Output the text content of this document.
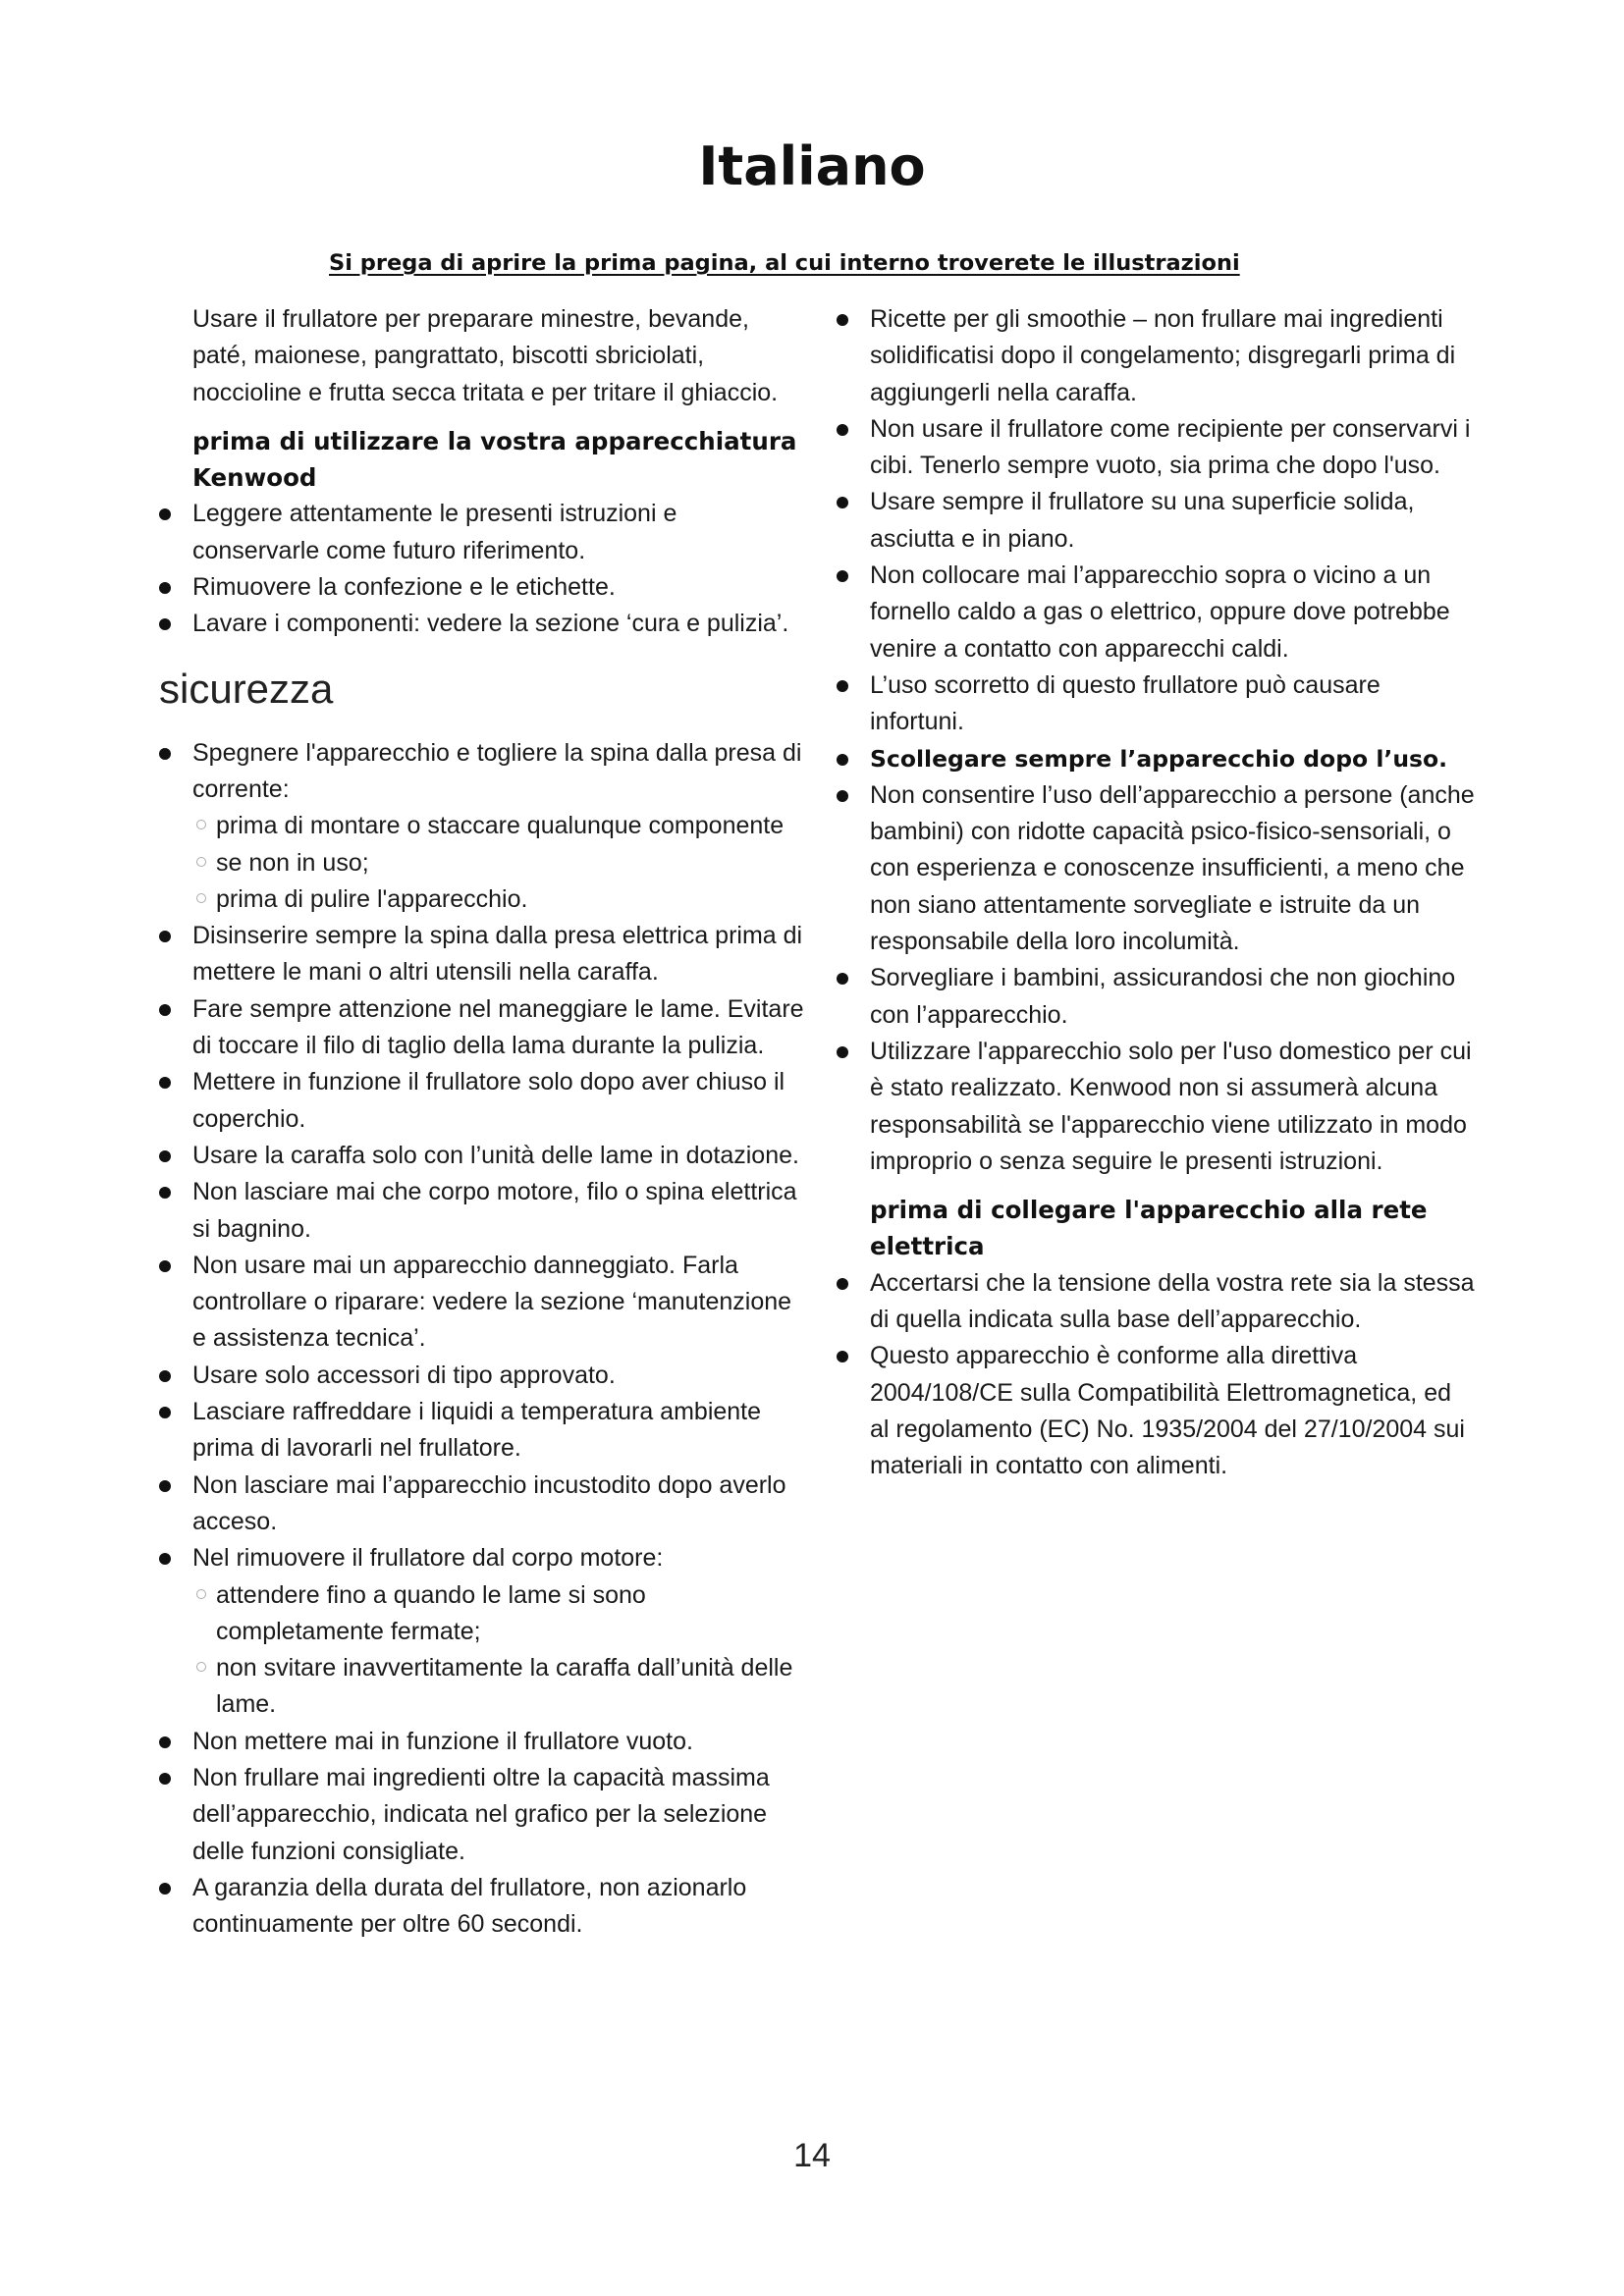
Italiano

Si prega di aprire la prima pagina, al cui interno troverete le illustrazioni

Usare il frullatore per preparare minestre, bevande, paté, maionese, pangrattato, biscotti sbriciolati, noccioline e frutta secca tritata e per tritare il ghiaccio.

prima di utilizzare la vostra apparecchiatura Kenwood
Leggere attentamente le presenti istruzioni e conservarle come futuro riferimento.
Rimuovere la confezione e le etichette.
Lavare i componenti: vedere la sezione ‘cura e pulizia’.
sicurezza
Spegnere l'apparecchio e togliere la spina dalla presa di corrente:
prima di montare o staccare qualunque componente
se non in uso;
prima di pulire l'apparecchio.
Disinserire sempre la spina dalla presa elettrica prima di mettere le mani o altri utensili nella caraffa.
Fare sempre attenzione nel maneggiare le lame. Evitare di toccare il filo di taglio della lama durante la pulizia.
Mettere in funzione il frullatore solo dopo aver chiuso il coperchio.
Usare la caraffa solo con l’unità delle lame in dotazione.
Non lasciare mai che corpo motore, filo o spina elettrica si bagnino.
Non usare mai un apparecchio danneggiato. Farla controllare o riparare: vedere la sezione ‘manutenzione e assistenza tecnica’.
Usare solo accessori di tipo approvato.
Lasciare raffreddare i liquidi a temperatura ambiente prima di lavorarli nel frullatore.
Non lasciare mai l’apparecchio incustodito dopo averlo acceso.
Nel rimuovere il frullatore dal corpo motore:
attendere fino a quando le lame si sono completamente fermate;
non svitare inavvertitamente la caraffa dall’unità delle lame.
Non mettere mai in funzione il frullatore vuoto.
Non frullare mai ingredienti oltre la capacità massima dell’apparecchio, indicata nel grafico per la selezione delle funzioni consigliate.
A garanzia della durata del frullatore, non azionarlo continuamente per oltre 60 secondi.
Ricette per gli smoothie – non frullare mai ingredienti solidificatisi dopo il congelamento; disgregarli prima di aggiungerli nella caraffa.
Non usare il frullatore come recipiente per conservarvi i cibi. Tenerlo sempre vuoto, sia prima che dopo l'uso.
Usare sempre il frullatore su una superficie solida, asciutta e in piano.
Non collocare mai l’apparecchio sopra o vicino a un fornello caldo a gas o elettrico, oppure dove potrebbe venire a contatto con apparecchi caldi.
L’uso scorretto di questo frullatore può causare infortuni.
Scollegare sempre l’apparecchio dopo l’uso.
Non consentire l’uso dell’apparecchio a persone (anche bambini) con ridotte capacità psico-fisico-sensoriali, o con esperienza e conoscenze insufficienti, a meno che non siano attentamente sorvegliate e istruite da un responsabile della loro incolumità.
Sorvegliare i bambini, assicurandosi che non giochino con l’apparecchio.
Utilizzare l'apparecchio solo per l'uso domestico per cui è stato realizzato. Kenwood non si assumerà alcuna responsabilità se l'apparecchio viene utilizzato in modo improprio o senza seguire le presenti istruzioni.
prima di collegare l'apparecchio alla rete elettrica
Accertarsi che la tensione della vostra rete sia la stessa di quella indicata sulla base dell’apparecchio.
Questo apparecchio è conforme alla direttiva 2004/108/CE sulla Compatibilità Elettromagnetica, ed al regolamento (EC) No. 1935/2004 del 27/10/2004 sui materiali in contatto con alimenti.

14
